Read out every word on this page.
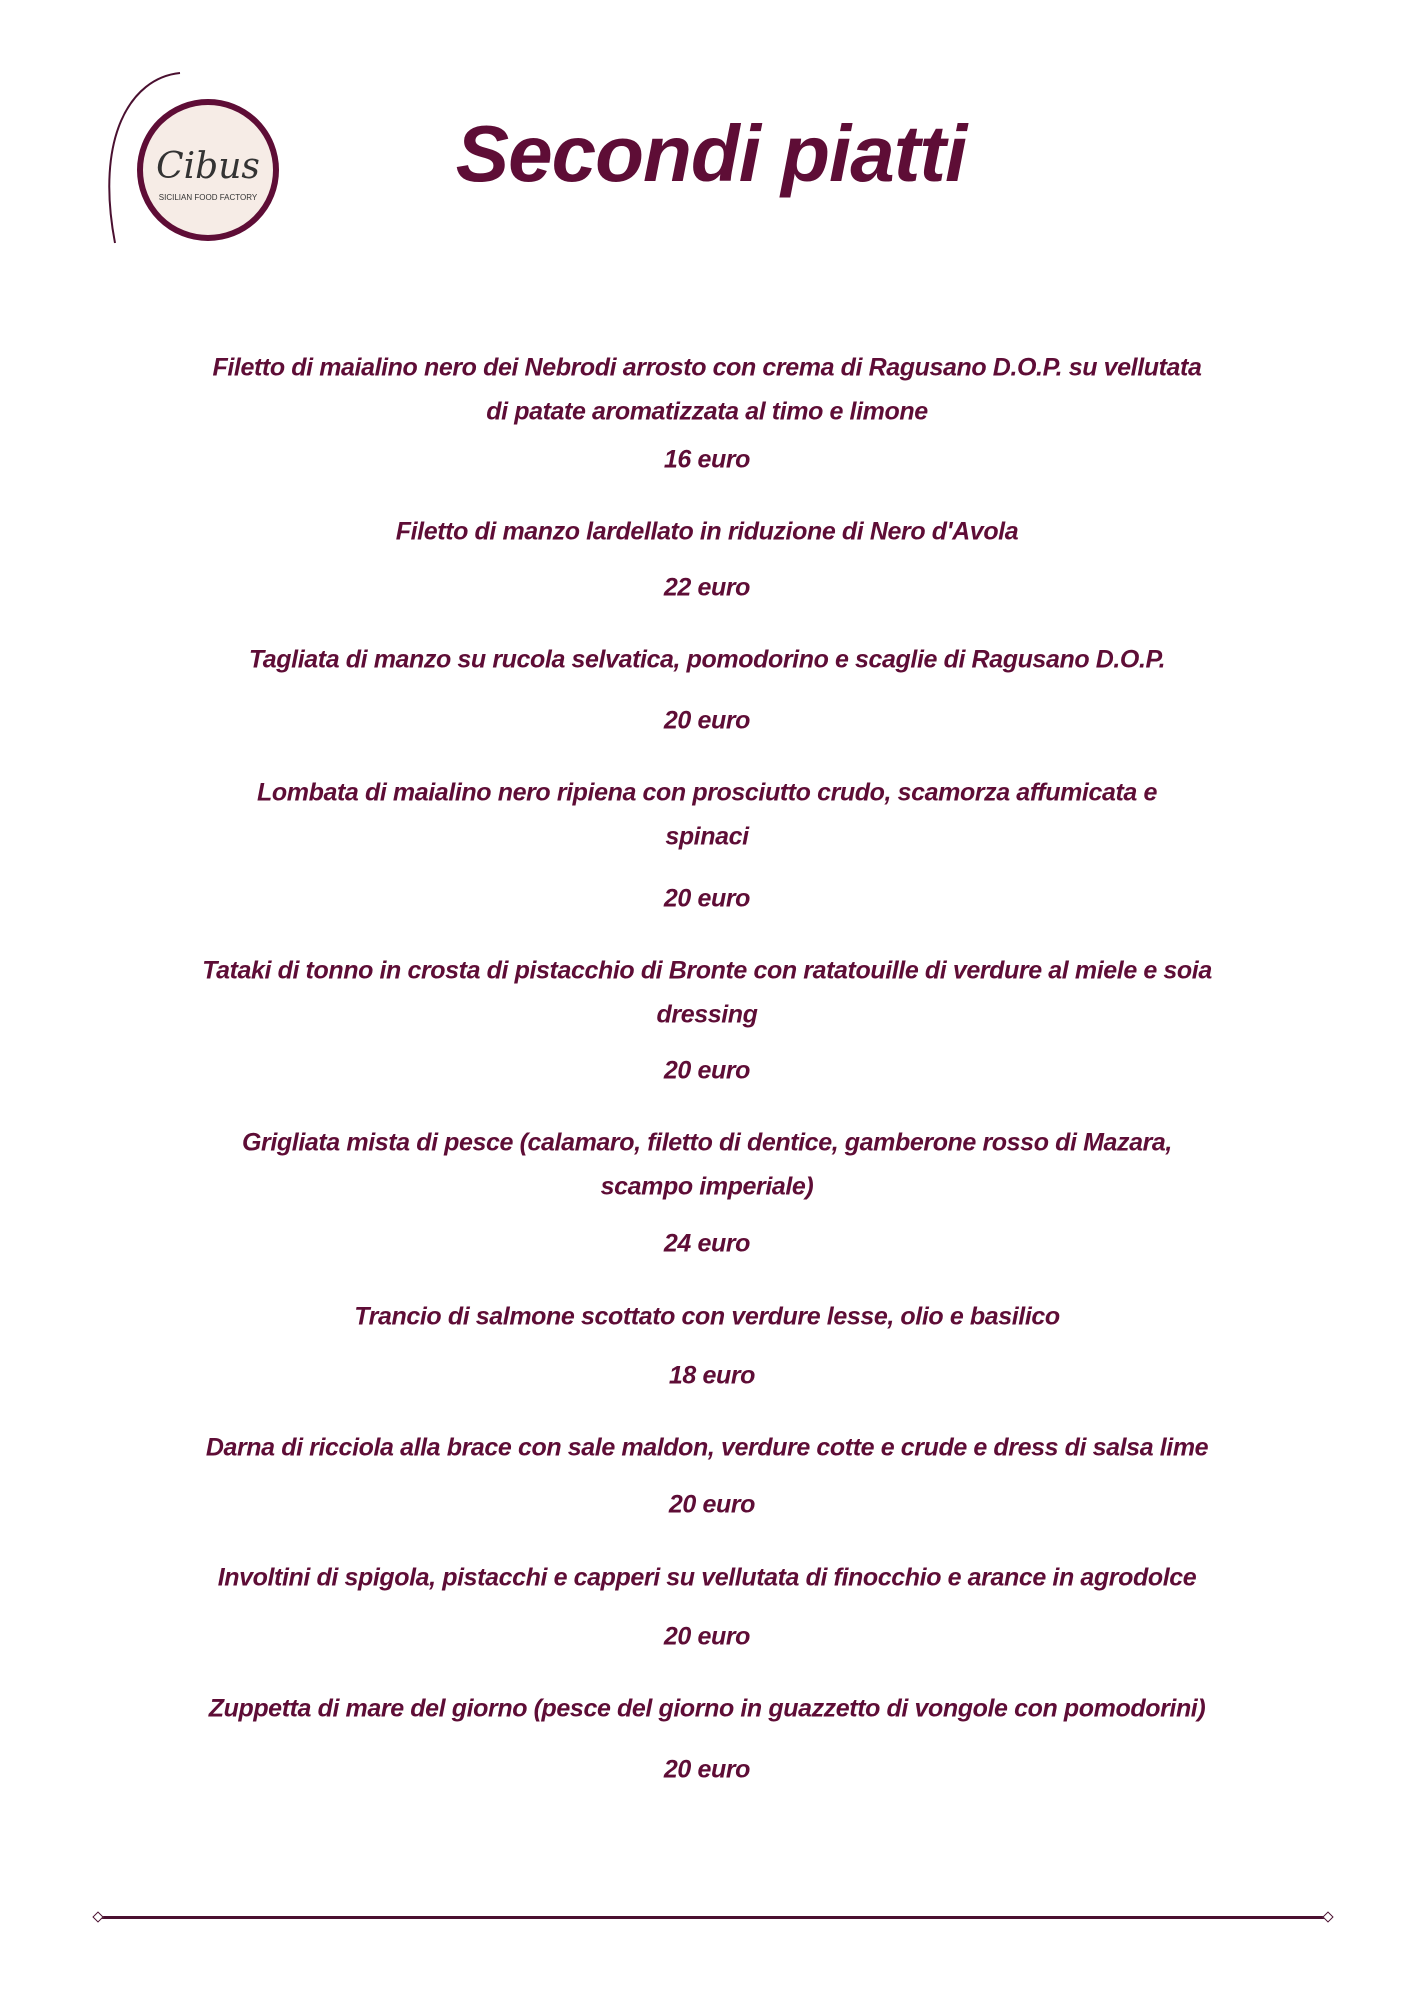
Cibus
SICILIAN FOOD FACTORY	Secondi piatti
Filetto di maialino nero dei Nebrodi arrosto con crema di Ragusano D.O.P. su vellutata
di patate aromatizzata al timo e limone
16 euro
Filetto di manzo lardellato in riduzione di Nero d'Avola
22 euro
Tagliata di manzo su rucola selvatica, pomodorino e scaglie di Ragusano D.O.P.
20 euro
Lombata di maialino nero ripiena con prosciutto crudo, scamorza affumicata e
spinaci
20 euro
Tataki di tonno in crosta di pistacchio di Bronte con ratatouille di verdure al miele e soia
dressing
20 euro
Grigliata mista di pesce (calamaro, filetto di dentice, gamberone rosso di Mazara,
scampo imperiale)
24 euro
Trancio di salmone scottato con verdure lesse, olio e basilico
18 euro
Darna di ricciola alla brace con sale maldon, verdure cotte e crude e dress di salsa lime
20 euro
Involtini di spigola, pistacchi e capperi su vellutata di finocchio e arance in agrodolce
20 euro
Zuppetta di mare del giorno (pesce del giorno in guazzetto di vongole con pomodorini)
20 euro
